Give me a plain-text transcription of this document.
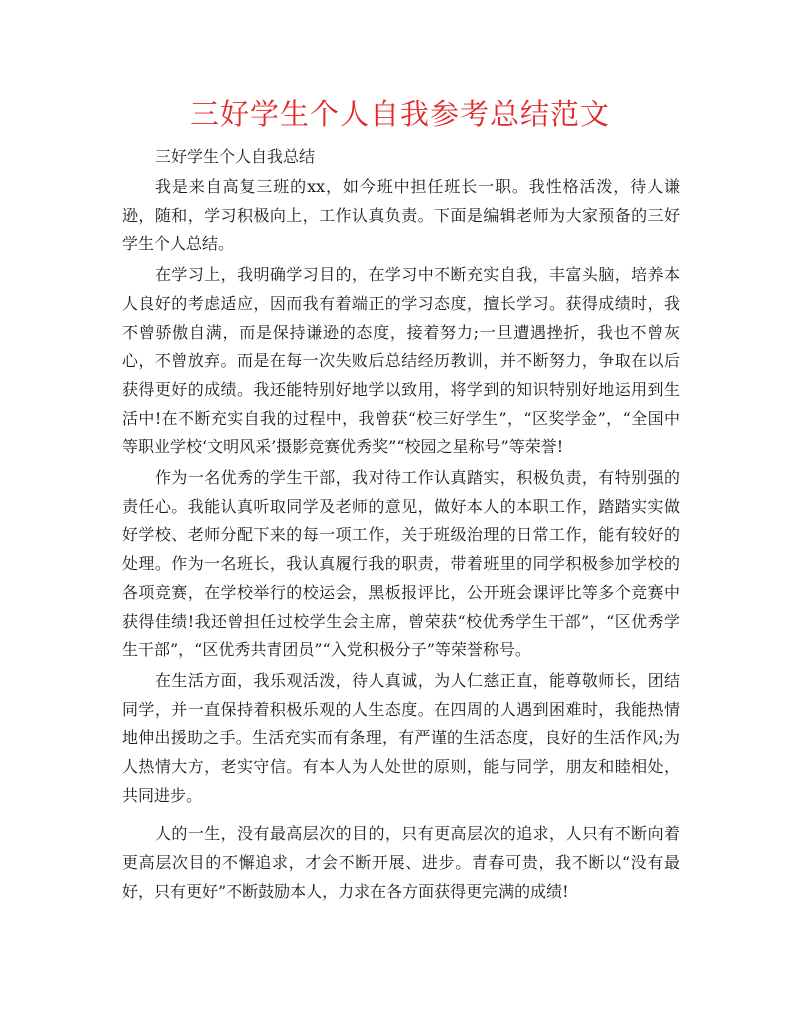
三好学生个人自我参考总结范文

三好学生个人自我总结

我是来自高复三班的xx，如今班中担任班长一职。我性格活泼，待人谦逊，随和，学习积极向上，工作认真负责。下面是编辑老师为大家预备的三好学生个人总结。

在学习上，我明确学习目的，在学习中不断充实自我，丰富头脑，培养本人良好的考虑适应，因而我有着端正的学习态度，擅长学习。获得成绩时，我不曾骄傲自满，而是保持谦逊的态度，接着努力;一旦遭遇挫折，我也不曾灰心，不曾放弃。而是在每一次失败后总结经历教训，并不断努力，争取在以后获得更好的成绩。我还能特别好地学以致用，将学到的知识特别好地运用到生活中!在不断充实自我的过程中，我曾获“校三好学生”，“区奖学金”，“全国中等职业学校‘文明风采’摄影竞赛优秀奖”“校园之星称号”等荣誉!

作为一名优秀的学生干部，我对待工作认真踏实，积极负责，有特别强的责任心。我能认真听取同学及老师的意见，做好本人的本职工作，踏踏实实做好学校、老师分配下来的每一项工作，关于班级治理的日常工作，能有较好的处理。作为一名班长，我认真履行我的职责，带着班里的同学积极参加学校的各项竞赛，在学校举行的校运会，黑板报评比，公开班会课评比等多个竞赛中获得佳绩!我还曾担任过校学生会主席，曾荣获“校优秀学生干部”，“区优秀学生干部”，“区优秀共青团员”“入党积极分子”等荣誉称号。

在生活方面，我乐观活泼，待人真诚，为人仁慈正直，能尊敬师长，团结同学，并一直保持着积极乐观的人生态度。在四周的人遇到困难时，我能热情地伸出援助之手。生活充实而有条理，有严谨的生活态度，良好的生活作风;为人热情大方，老实守信。有本人为人处世的原则，能与同学，朋友和睦相处，共同进步。

人的一生，没有最高层次的目的，只有更高层次的追求，人只有不断向着更高层次目的不懈追求，才会不断开展、进步。青春可贵，我不断以“没有最好，只有更好”不断鼓励本人，力求在各方面获得更完满的成绩!
